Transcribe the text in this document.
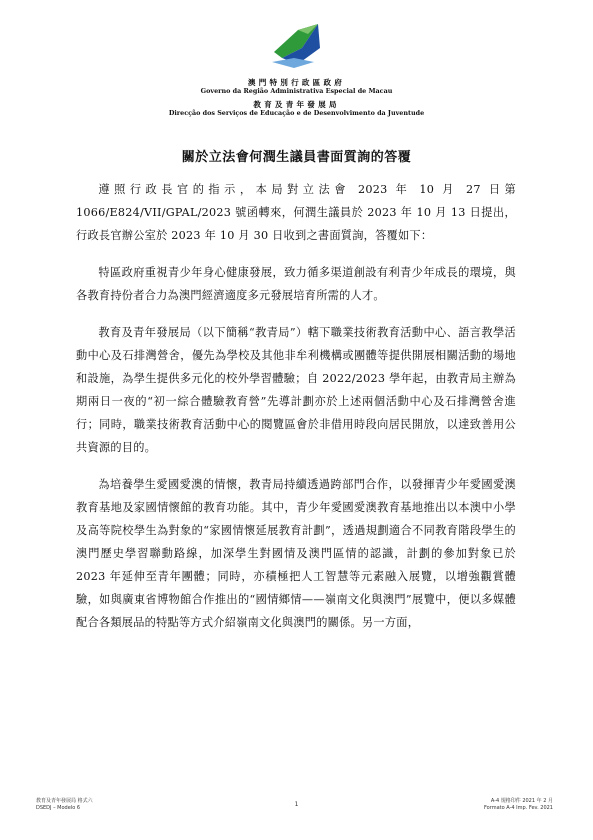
澳門特別行政區政府
Governo da Região Administrativa Especial de Macau
教育及青年發展局
Direcção dos Serviços de Educação e de Desenvolvimento da Juventude
關於立法會何潤生議員書面質詢的答覆

遵照行政長官的指示，本局對立法會 2023 年 10 月 27 日第 1066/E824/VII/GPAL/2023 號函轉來，何潤生議員於 2023 年 10 月 13 日提出，行政長官辦公室於 2023 年 10 月 30 日收到之書面質詢，答覆如下：

特區政府重視青少年身心健康發展，致力循多渠道創設有利青少年成長的環境，與各教育持份者合力為澳門經濟適度多元發展培育所需的人才。

教育及青年發展局（以下簡稱“教青局”）轄下職業技術教育活動中心、語言教學活動中心及石排灣營舍，優先為學校及其他非牟利機構或團體等提供開展相關活動的場地和設施，為學生提供多元化的校外學習體驗；自 2022/2023 學年起，由教青局主辦為期兩日一夜的“初一綜合體驗教育營”先導計劃亦於上述兩個活動中心及石排灣營舍進行；同時，職業技術教育活動中心的閱覽區會於非借用時段向居民開放，以達致善用公共資源的目的。

為培養學生愛國愛澳的情懷，教青局持續透過跨部門合作，以發揮青少年愛國愛澳教育基地及家國情懷館的教育功能。其中，青少年愛國愛澳教育基地推出以本澳中小學及高等院校學生為對象的“家國情懷延展教育計劃”，透過規劃適合不同教育階段學生的澳門歷史學習聯動路線，加深學生對國情及澳門區情的認識，計劃的參加對象已於 2023 年延伸至青年團體；同時，亦積極把人工智慧等元素融入展覽，以增強觀賞體驗，如與廣東省博物館合作推出的“國情鄉情——嶺南文化與澳門”展覽中，便以多媒體配合各類展品的特點等方式介紹嶺南文化與澳門的關係。另一方面，

教育及青年發展局 格式六
DSEDJ – Modelo 6	1	A-4 規格印件 2021 年 2 月
Formato A-4 Imp. Fev. 2021
